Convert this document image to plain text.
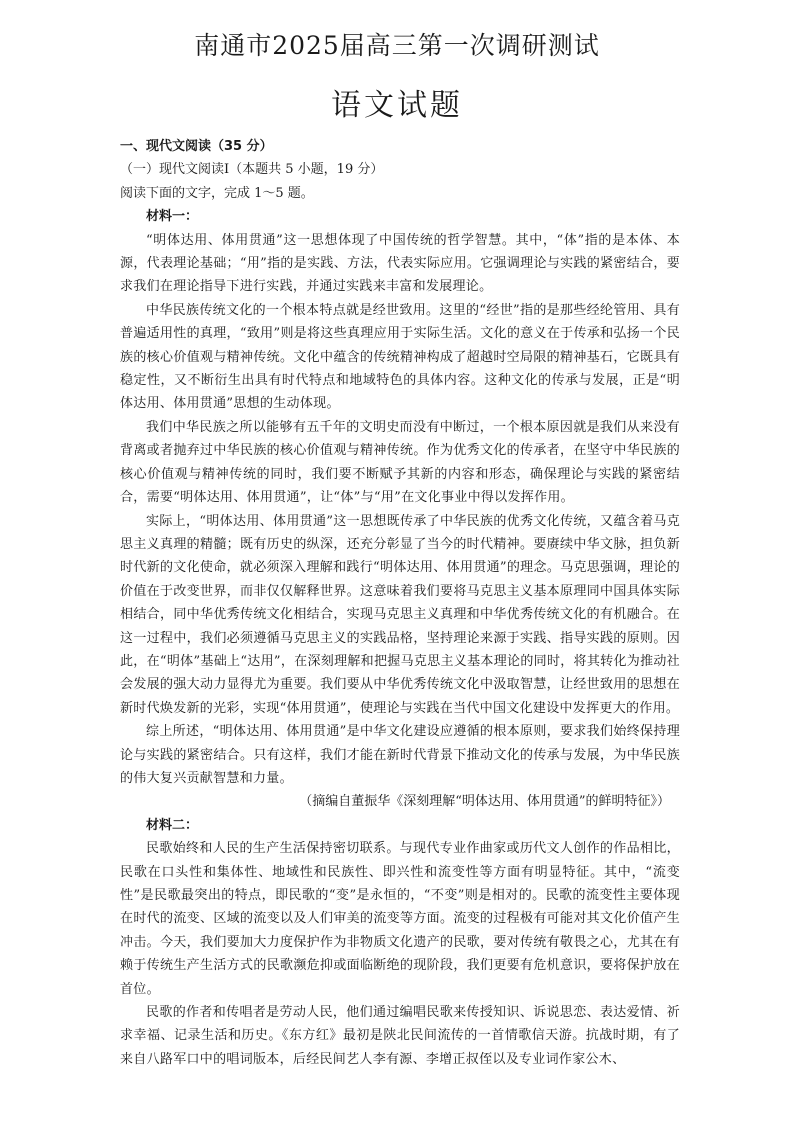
南通市2025届高三第一次调研测试
语文试题

一、现代文阅读（35 分）

（一）现代文阅读Ⅰ（本题共 5 小题，19 分）

阅读下面的文字，完成 1～5 题。

材料一：

“明体达用、体用贯通”这一思想体现了中国传统的哲学智慧。其中，“体”指的是本体、本源，代表理论基础；“用”指的是实践、方法，代表实际应用。它强调理论与实践的紧密结合，要求我们在理论指导下进行实践，并通过实践来丰富和发展理论。

中华民族传统文化的一个根本特点就是经世致用。这里的“经世”指的是那些经纶管用、具有普遍适用性的真理，“致用”则是将这些真理应用于实际生活。文化的意义在于传承和弘扬一个民族的核心价值观与精神传统。文化中蕴含的传统精神构成了超越时空局限的精神基石，它既具有稳定性，又不断衍生出具有时代特点和地域特色的具体内容。这种文化的传承与发展，正是“明体达用、体用贯通”思想的生动体现。

我们中华民族之所以能够有五千年的文明史而没有中断过，一个根本原因就是我们从来没有背离或者抛弃过中华民族的核心价值观与精神传统。作为优秀文化的传承者，在坚守中华民族的核心价值观与精神传统的同时，我们要不断赋予其新的内容和形态，确保理论与实践的紧密结合，需要“明体达用、体用贯通”，让“体”与“用”在文化事业中得以发挥作用。

实际上，“明体达用、体用贯通”这一思想既传承了中华民族的优秀文化传统，又蕴含着马克思主义真理的精髓；既有历史的纵深，还充分彰显了当今的时代精神。要赓续中华文脉，担负新时代新的文化使命，就必须深入理解和践行“明体达用、体用贯通”的理念。马克思强调，理论的价值在于改变世界，而非仅仅解释世界。这意味着我们要将马克思主义基本原理同中国具体实际相结合，同中华优秀传统文化相结合，实现马克思主义真理和中华优秀传统文化的有机融合。在这一过程中，我们必须遵循马克思主义的实践品格，坚持理论来源于实践、指导实践的原则。因此，在“明体”基础上“达用”，在深刻理解和把握马克思主义基本理论的同时，将其转化为推动社会发展的强大动力显得尤为重要。我们要从中华优秀传统文化中汲取智慧，让经世致用的思想在新时代焕发新的光彩，实现“体用贯通”，使理论与实践在当代中国文化建设中发挥更大的作用。

综上所述，“明体达用、体用贯通”是中华文化建设应遵循的根本原则，要求我们始终保持理论与实践的紧密结合。只有这样，我们才能在新时代背景下推动文化的传承与发展，为中华民族的伟大复兴贡献智慧和力量。

（摘编自董振华《深刻理解“明体达用、体用贯通”的鲜明特征》）

材料二：

民歌始终和人民的生产生活保持密切联系。与现代专业作曲家或历代文人创作的作品相比，民歌在口头性和集体性、地域性和民族性、即兴性和流变性等方面有明显特征。其中，“流变性”是民歌最突出的特点，即民歌的“变”是永恒的，“不变”则是相对的。民歌的流变性主要体现在时代的流变、区域的流变以及人们审美的流变等方面。流变的过程极有可能对其文化价值产生冲击。今天，我们要加大力度保护作为非物质文化遗产的民歌，要对传统有敬畏之心，尤其在有赖于传统生产生活方式的民歌濒危抑或面临断绝的现阶段，我们更要有危机意识，要将保护放在首位。

民歌的作者和传唱者是劳动人民，他们通过编唱民歌来传授知识、诉说思恋、表达爱情、祈求幸福、记录生活和历史。《东方红》最初是陕北民间流传的一首情歌信天游。抗战时期，有了来自八路军口中的唱词版本，后经民间艺人李有源、李增正叔侄以及专业词作家公木、
